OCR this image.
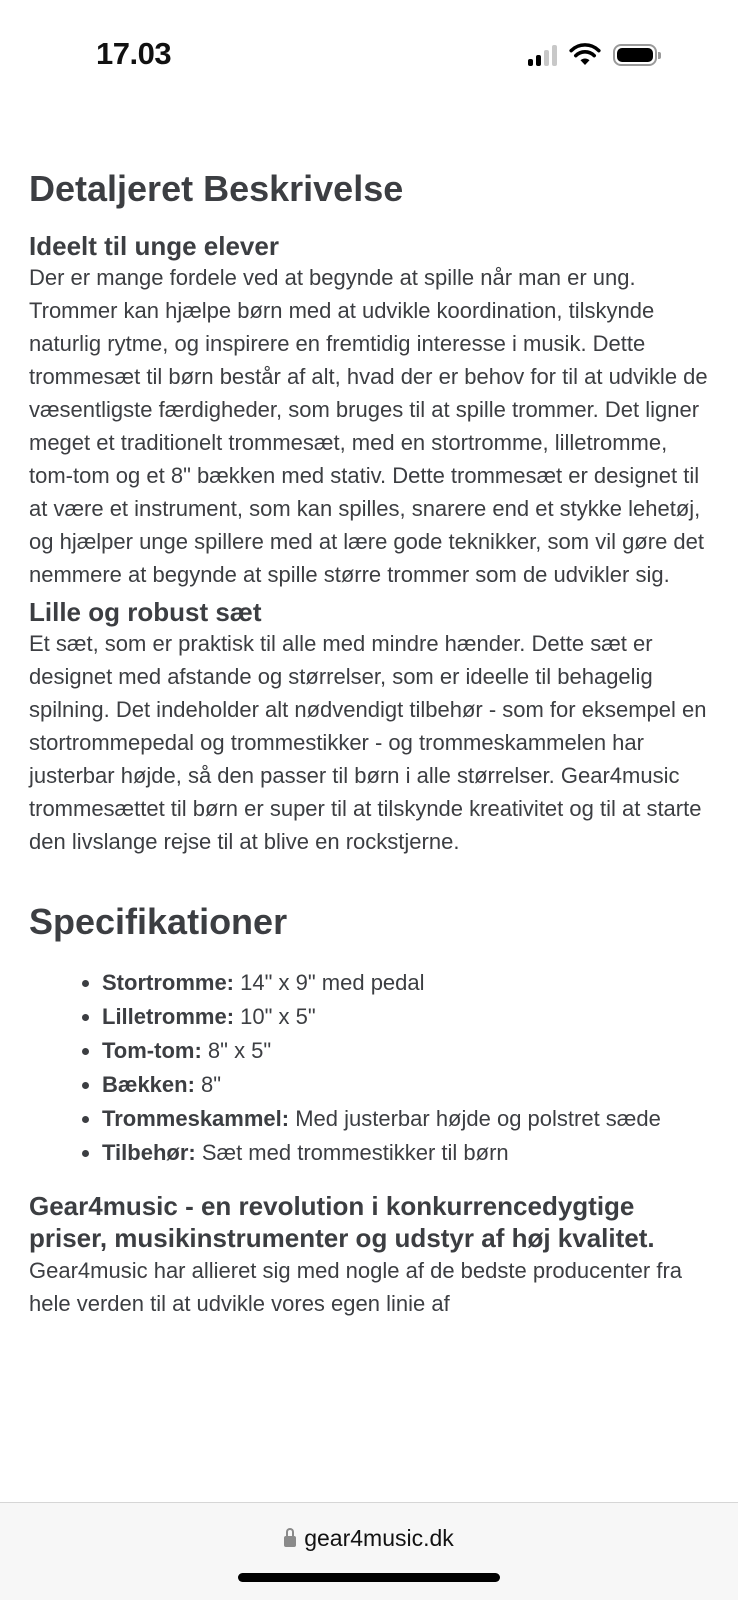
17.03
Detaljeret Beskrivelse
Ideelt til unge elever

Der er mange fordele ved at begynde at spille når man er ung. Trommer kan hjælpe børn med at udvikle koordination, tilskynde naturlig rytme, og inspirere en fremtidig interesse i musik. Dette trommesæt til børn består af alt, hvad der er behov for til at udvikle de væsentligste færdigheder, som bruges til at spille trommer. Det ligner meget et traditionelt trommesæt, med en stortromme, lilletromme, tom-tom og et 8" bækken med stativ. Dette trommesæt er designet til at være et instrument, som kan spilles, snarere end et stykke lehetøj, og hjælper unge spillere med at lære gode teknikker, som vil gøre det nemmere at begynde at spille større trommer som de udvikler sig.

Lille og robust sæt

Et sæt, som er praktisk til alle med mindre hænder. Dette sæt er designet med afstande og størrelser, som er ideelle til behagelig spilning. Det indeholder alt nødvendigt tilbehør - som for eksempel en stortrommepedal og trommestikker - og trommeskammelen har justerbar højde, så den passer til børn i alle størrelser. Gear4music trommesættet til børn er super til at tilskynde kreativitet og til at starte den livslange rejse til at blive en rockstjerne.

Specifikationer
• Stortromme: 14" x 9" med pedal
• Lilletromme: 10" x 5"
• Tom-tom: 8" x 5"
• Bækken: 8"
• Trommeskammel: Med justerbar højde og polstret sæde
• Tilbehør: Sæt med trommestikker til børn
Gear4music - en revolution i konkurrencedygtige priser, musikinstrumenter og udstyr af høj kvalitet.

Gear4music har allieret sig med nogle af de bedste producenter fra hele verden til at udvikle vores egen linie af

gear4music.dk
